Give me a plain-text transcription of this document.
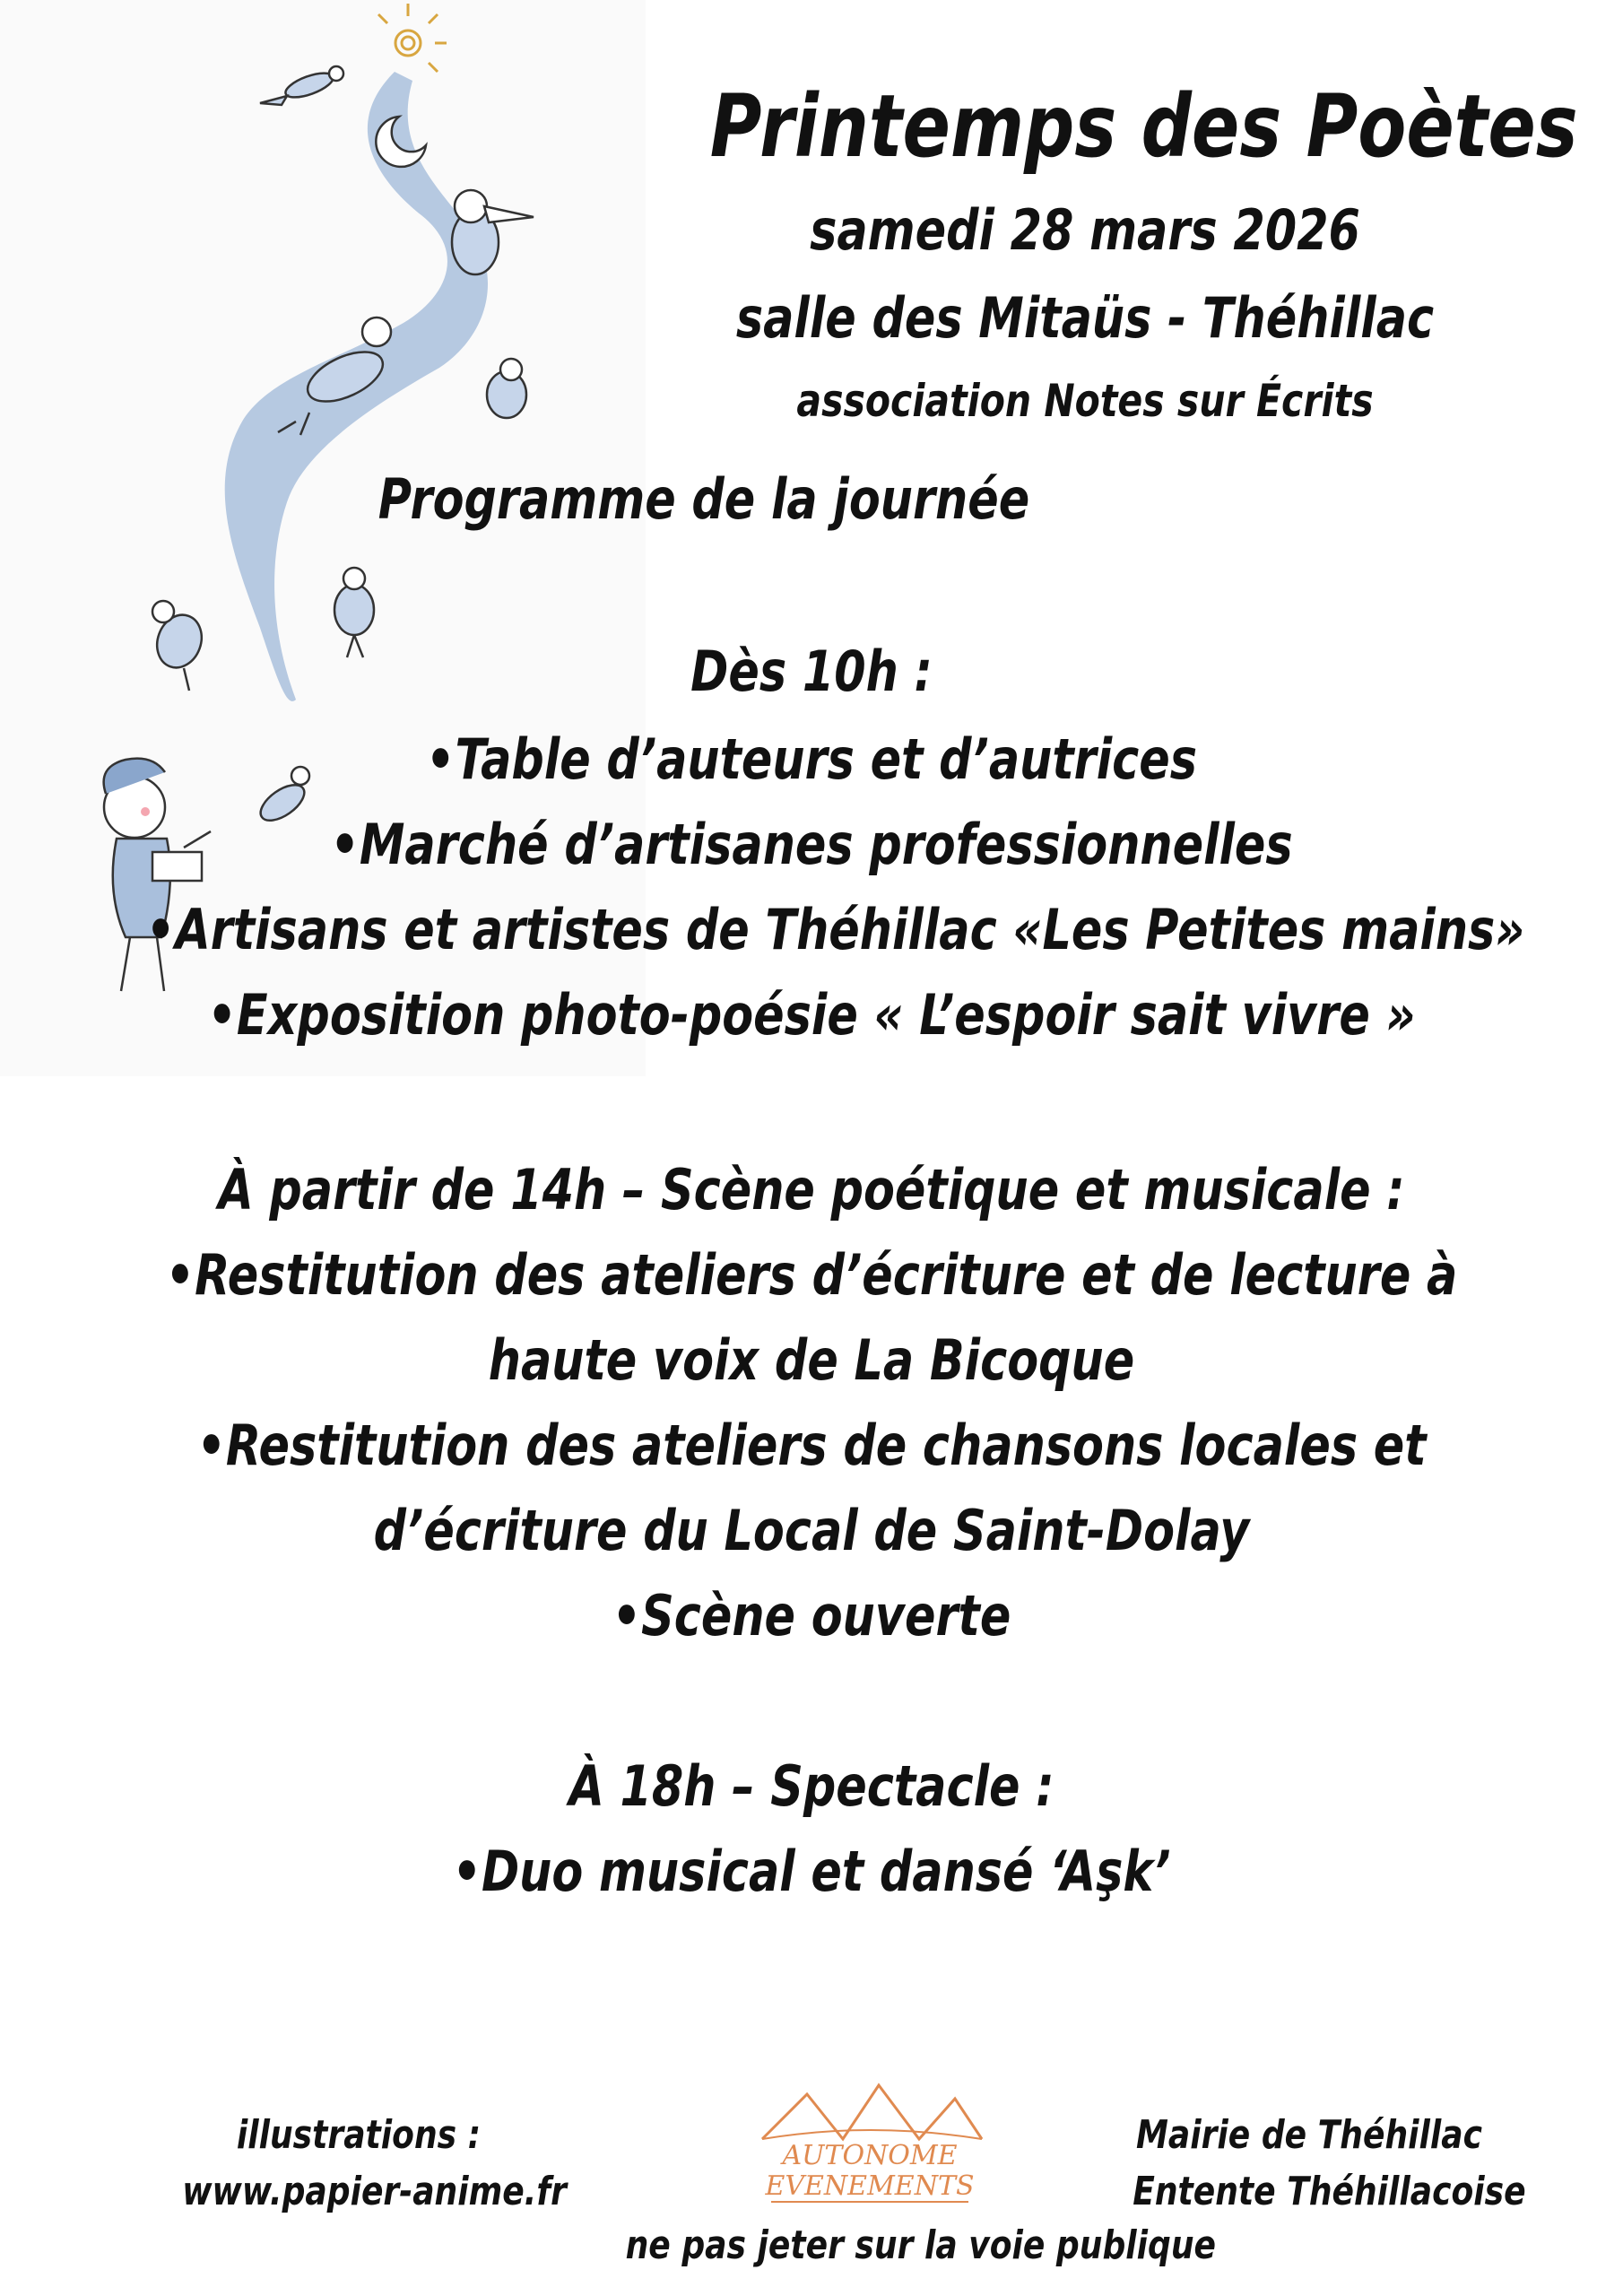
Printemps des Poètes
samedi 28 mars 2026
salle des Mitaüs - Théhillac
association Notes sur Écrits
Programme de la journée
Dès 10h :
•Table d’auteurs et d’autrices
•Marché d’artisanes professionnelles
•Artisans et artistes de Théhillac «Les Petites mains»
•Exposition photo-poésie « L’espoir sait vivre »
À partir de 14h – Scène poétique et musicale :
•Restitution des ateliers d’écriture et de lecture à
haute voix de La Bicoque
•Restitution des ateliers de chansons locales et
d’écriture du Local de Saint-Dolay
•Scène ouverte
À 18h – Spectacle :
•Duo musical et dansé ‘Aşk’
illustrations :
www.papier-anime.fr
AUTONOME
EVENEMENTS
ne pas jeter sur la voie publique
Mairie de Théhillac
Entente Théhillacoise
